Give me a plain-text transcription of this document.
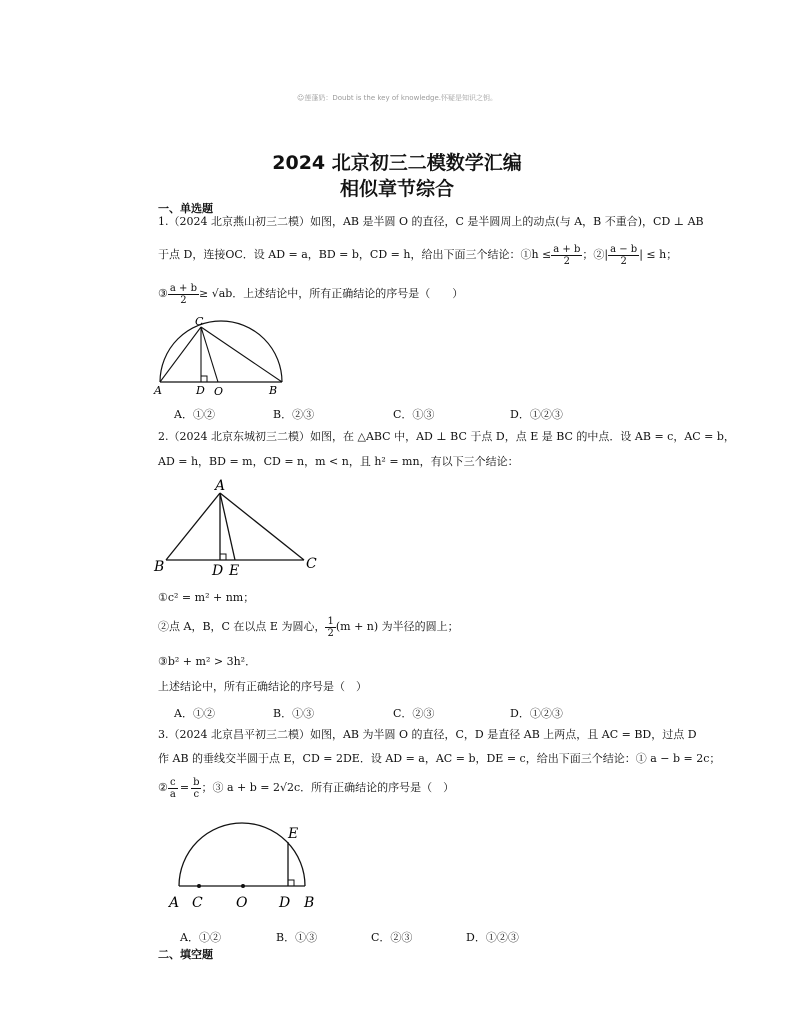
☺莲蓬奶：Doubt is the key of knowledge.怀疑是知识之钥。
2024 北京初三二模数学汇编
相似章节综合
一、单选题
1.（2024 北京燕山初三二模）如图，AB 是半圆 O 的直径，C 是半圆周上的动点(与 A，B 不重合)，CD ⊥ AB
于点 D，连接OC．设 AD = a，BD = b，CD = h，给出下面三个结论：①h ≤ $\frac{a + b}{2}$ ；②| $\frac{a - b}{2}$ | ≤ h；
③ $\frac{a + b}{2} \ge √ab$．上述结论中，所有正确结论的序号是（　　）
C
A	D O	B
A．①②	B．②③	C．①③	D．①②③
2.（2024 北京东城初三二模）如图，在 △ABC 中，AD ⊥ BC 于点 D，点 E 是 BC 的中点．设 AB = c，AC = b，
AD = h，BD = m，CD = n，m < n，且 h² = mn，有以下三个结论：
A
B	D E	C
①c² = m² + nm；
②点 A，B，C 在以点 E 为圆心， $\frac{1}{2} (m + n)$ 为半径的圆上；
③b² + m² > 3h²．
上述结论中，所有正确结论的序号是（　）
A．①②	B．①③	C．②③	D．①②③
3.（2024 北京昌平初三二模）如图，AB 为半圆 O 的直径，C，D 是直径 AB 上两点，且 AC = BD，过点 D
作 AB 的垂线交半圆于点 E，CD = 2DE．设 AD = a，AC = b，DE = c，给出下面三个结论：① a − b = 2c；
② $\frac{c}{a} = \frac{b}{c}$ ；③ a + b = 2√2c．所有正确结论的序号是（　）
E
A C O D B
A．①②	B．①③	C．②③	D．①②③
二、填空题
